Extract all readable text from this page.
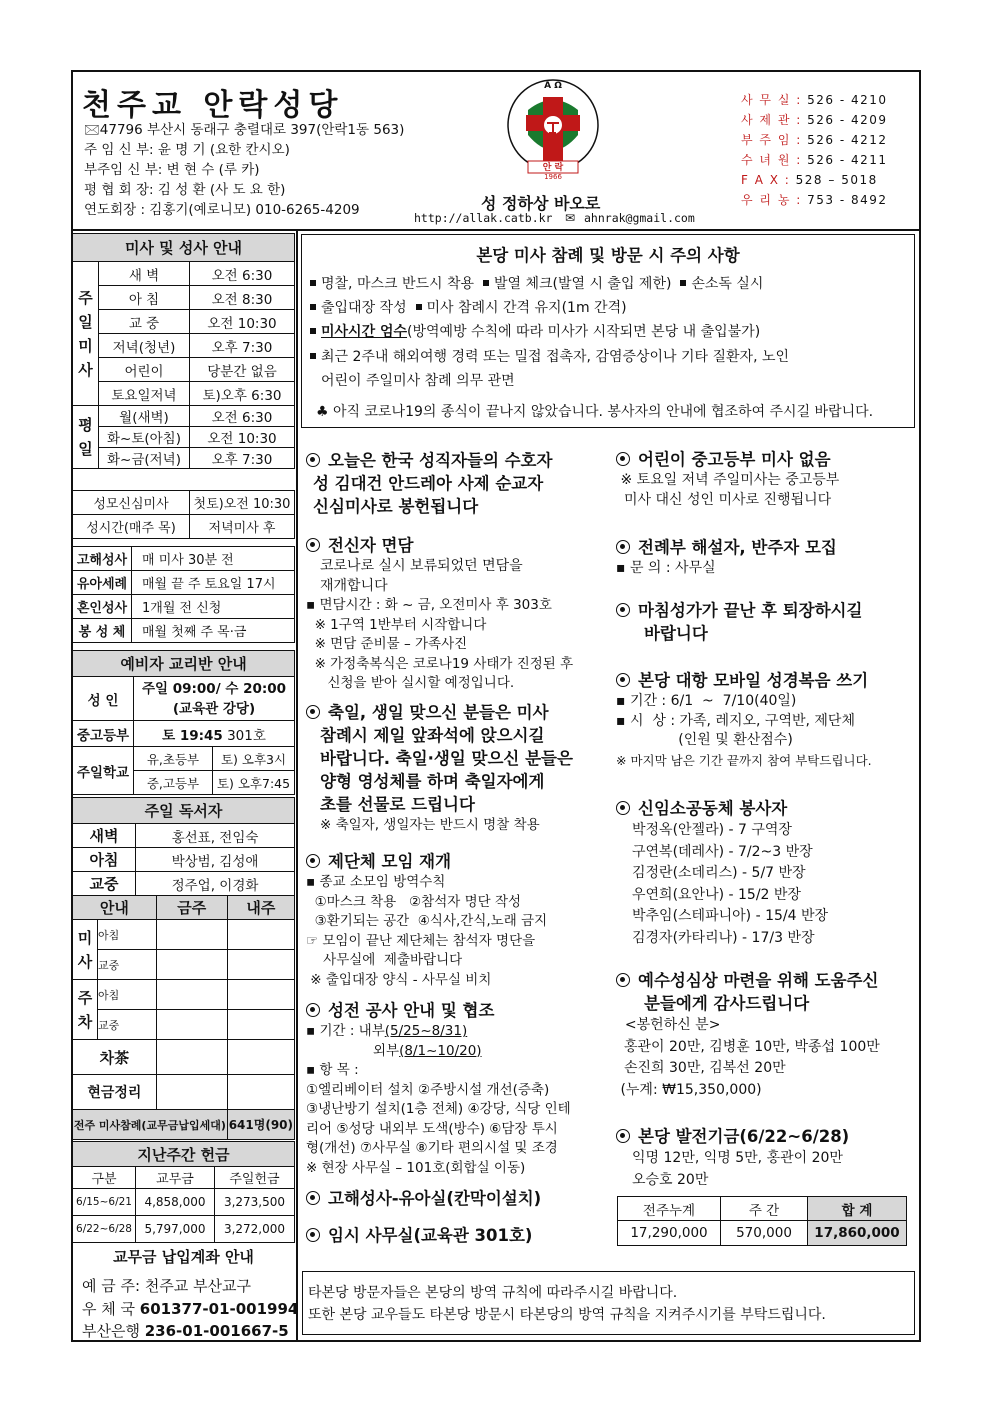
천주교 안락성당
🖂47796 부산시 동래구 충렬대로 397(안락1동 563)
주 임 신 부: 윤 명 기 (요한 칸시오)
부주임 신 부: 변 현 수 (루 카)
평 협 회 장: 김 성 환 (사 도 요 한)
연도회장 : 김홍기(예로니모) 010-6265-4209
A Ω
안 락
1966
성 정하상 바오로
http://allak.catb.kr ✉ ahnrak@gmail.com
사 무 실 : 526 - 4210
사 제 관 : 526 - 4209
부 주 임 : 526 - 4212
수 녀 원 : 526 - 4211
F A X : 528 – 5018
우 리 농 : 753 - 8492
미사 및 성사 안내		

주
일
미
사	새 벽	오전 6:30
	아 침	오전 8:30
	교 중	오전 10:30
	저녁(청년)	오후 7:30
	어린이	당분간 없음
	토요일저녁	토)오후 6:30

평
일	월(새벽)	오전 6:30
	화~토(아침)	오전 10:30
	화~금(저녁)	오후 7:30
성모신심미사	첫토)오전 10:30
성시간(매주 목)	저녁미사 후
고해성사	매 미사 30분 전
유아세례	매월 끝 주 토요일 17시
혼인성사	1개월 전 신청
봉 성 체	매월 첫째 주 목·금
예비자 교리반 안내		
성 인	주일 09:00/ 수 20:00
(교육관 강당)	

중고등부	토 19:45 301호	
주일학교	유,초등부	토) 오후3시
	중,고등부	토) 오후7:45
주일 독서자	
새벽	홍선표, 전임숙
아침	박상범, 김성애
교중	정주업, 이경화
안내		금주	내주

미
사	아침		
	교중		

주
차	아침		
	교중		
차茶			
현금정리			
전주 미사참례(교무금납입세대)			641명(90)
지난주간 헌금		
구분	교무금	주일헌금
6/15~6/21	4,858,000	3,273,500
6/22~6/28	5,797,000	3,272,000
교무금 납입계좌 안내
예 금 주: 천주교 부산교구
우 체 국 601377-01-001994
부산은행 236-01-001667-5
본당 미사 참례 및 방문 시 주의 사항
명찰, 마스크 반드시 착용 발열 체크(발열 시 출입 제한) 손소독 실시
출입대장 작성 미사 참례시 간격 유지(1m 간격)
미사시간 엄수(방역예방 수칙에 따라 미사가 시작되면 본당 내 출입불가)
최근 2주내 해외여행 경력 또는 밀접 접촉자, 감염증상이나 기타 질환자, 노인
어린이 주일미사 참례 의무 관면
♣ 아직 코로나19의 종식이 끝나지 않았습니다. 봉사자의 안내에 협조하여 주시길 바랍니다.
오늘은 한국 성직자들의 수호자
성 김대건 안드레아 사제 순교자
신심미사로 봉헌됩니다
전신자 면담
코로나로 실시 보류되었던 면담을
재개합니다
▪ 면담시간 : 화 ~ 금, 오전미사 후 303호
※ 1구역 1반부터 시작합니다
※ 면담 준비물 – 가족사진
※ 가정축복식은 코로나19 사태가 진정된 후
신청을 받아 실시할 예정입니다.
축일, 생일 맞으신 분들은 미사
참례시 제일 앞좌석에 앉으시길
바랍니다. 축일·생일 맞으신 분들은
양형 영성체를 하며 축일자에게
초를 선물로 드립니다
※ 축일자, 생일자는 반드시 명찰 착용
제단체 모임 재개
▪ 종교 소모임 방역수칙
①마스크 착용   ②참석자 명단 작성
③환기되는 공간  ④식사,간식,노래 금지
☞ 모임이 끝난 제단체는 참석자 명단을
사무실에  제출바랍니다
※ 출입대장 양식 - 사무실 비치
성전 공사 안내 및 협조
▪ 기간 : 내부(5/25~8/31)
외부(8/1~10/20)
▪ 항 목 :
①엘리베이터 설치 ②주방시설 개선(증축)
③냉난방기 설치(1층 전체) ④강당, 식당 인테
리어 ⑤성당 내외부 도색(방수) ⑥담장 투시
형(개선) ⑦사무실 ⑧기타 편의시설 및 조경
※ 현장 사무실 – 101호(회합실 이동)
고해성사-유아실(칸막이설치)
임시 사무실(교육관 301호)
어린이 중고등부 미사 없음
※ 토요일 저녁 주일미사는 중고등부
미사 대신 성인 미사로 진행됩니다
전례부 해설자, 반주자 모집
▪ 문 의 : 사무실
마침성가가 끝난 후 퇴장하시길
바랍니다
본당 대항 모바일 성경복음 쓰기
▪ 기간 : 6/1  ~  7/10(40일)
▪ 시  상 : 가족, 레지오, 구역반, 제단체
(인원 및 환산점수)
※ 마지막 남은 기간 끝까지 참여 부탁드립니다.
신임소공동체 봉사자
박정옥(안젤라) - 7 구역장
구연복(데레사) - 7/2~3 반장
김정란(소데리스) - 5/7 반장
우연희(요안나) - 15/2 반장
박추임(스테파니아) - 15/4 반장
김경자(카타리나) - 17/3 반장
예수성심상 마련을 위해 도움주신
분들에게 감사드립니다
<봉헌하신 분>
홍관이 20만, 김병훈 10만, 박종섭 100만
손진희 30만, 김복선 20만
(누계: ₩15,350,000)
본당 발전기금(6/22~6/28)
익명 12만, 익명 5만, 홍관이 20만
오승호 20만
전주누계	주 간	합 계
17,290,000	570,000	17,860,000
타본당 방문자들은 본당의 방역 규칙에 따라주시길 바랍니다.
또한 본당 교우들도 타본당 방문시 타본당의 방역 규칙을 지켜주시기를 부탁드립니다.
